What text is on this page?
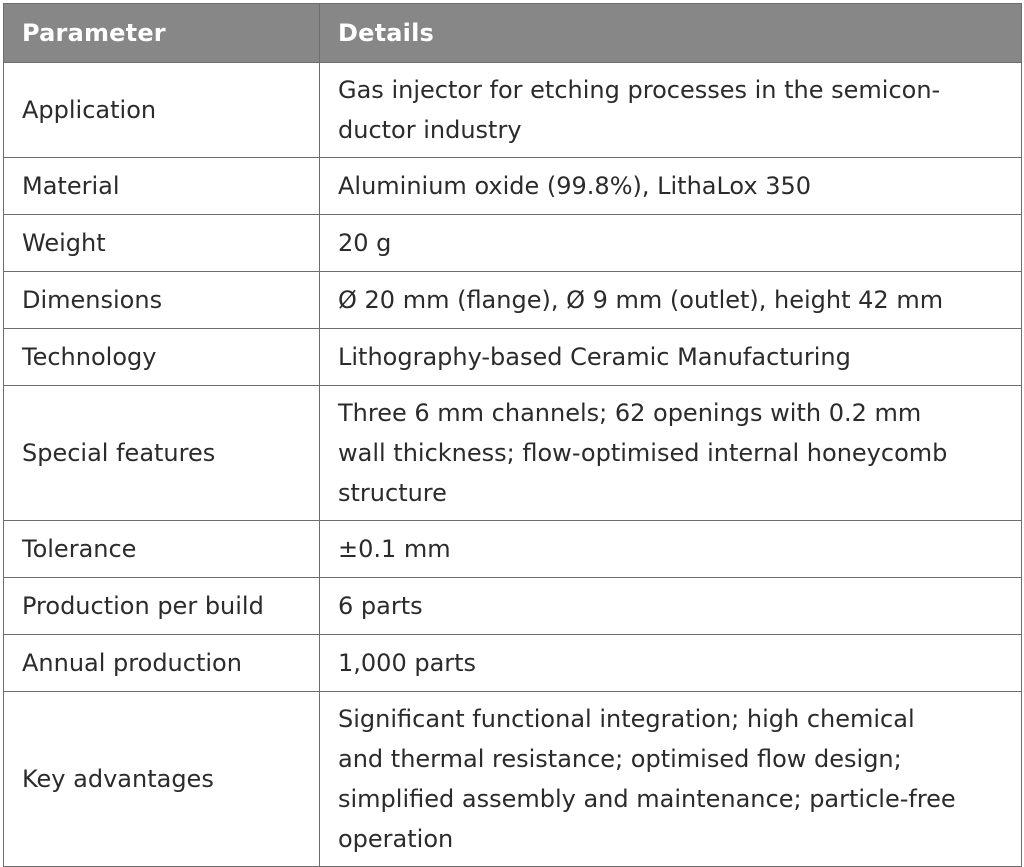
Parameter	Details
Application	Gas injector for etching processes in the semicon-
ductor industry
Material	Aluminium oxide (99.8%), LithaLox 350
Weight	20 g
Dimensions	Ø 20 mm (flange), Ø 9 mm (outlet), height 42 mm
Technology	Lithography-based Ceramic Manufacturing
Special features	Three 6 mm channels; 62 openings with 0.2 mm
wall thickness; flow-optimised internal honeycomb
structure
Tolerance	±0.1 mm
Production per build	6 parts
Annual production	1,000 parts
Key advantages	Significant functional integration; high chemical
and thermal resistance; optimised flow design;
simplified assembly and maintenance; particle-free
operation
